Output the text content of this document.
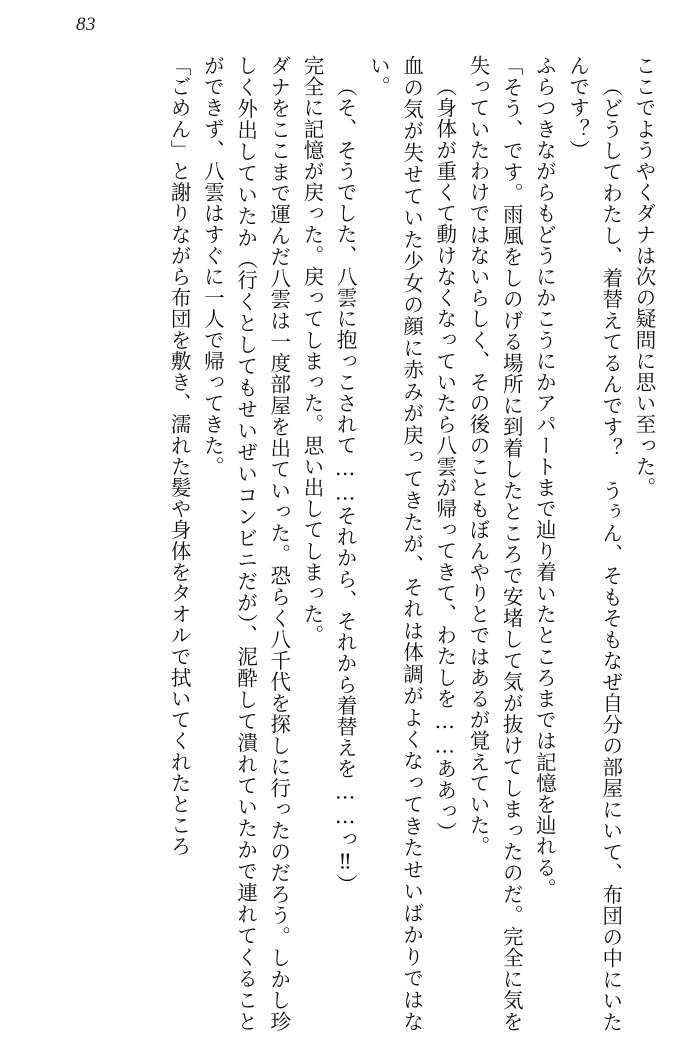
83

ここでようやくダナは次の疑問に思い至った。

（どうしてわたし、着替えてるんです？　うぅん、そもそもなぜ自分の部屋にいて、布団の中にいたんです？）

ふらつきながらもどうにかこうにかアパートまで辿り着いたところまでは記憶を辿れる。

「そう、です。雨風をしのげる場所に到着したところで安堵して気が抜けてしまったのだ。完全に気を失っていたわけではないらしく、その後のこともぼんやりとではあるが覚えていた。

（身体が重くて動けなくなっていたら八雲が帰ってきて、わたしを……ああっ）

血の気が失せていた少女の顔に赤みが戻ってきたが、それは体調がよくなってきたせいばかりではない。

（そ、そうでした、八雲に抱っこされて……それから、それから着替えを……っ‼）

完全に記憶が戻った。戻ってしまった。思い出してしまった。

ダナをここまで運んだ八雲は一度部屋を出ていった。恐らく八千代を探しに行ったのだろう。しかし珍しく外出していたか（行くとしてもせいぜいコンビニだが）、泥酔して潰れていたかで連れてくることができず、八雲はすぐに一人で帰ってきた。

「ごめん」と謝りながら布団を敷き、濡れた髪や身体をタオルで拭いてくれたところ
